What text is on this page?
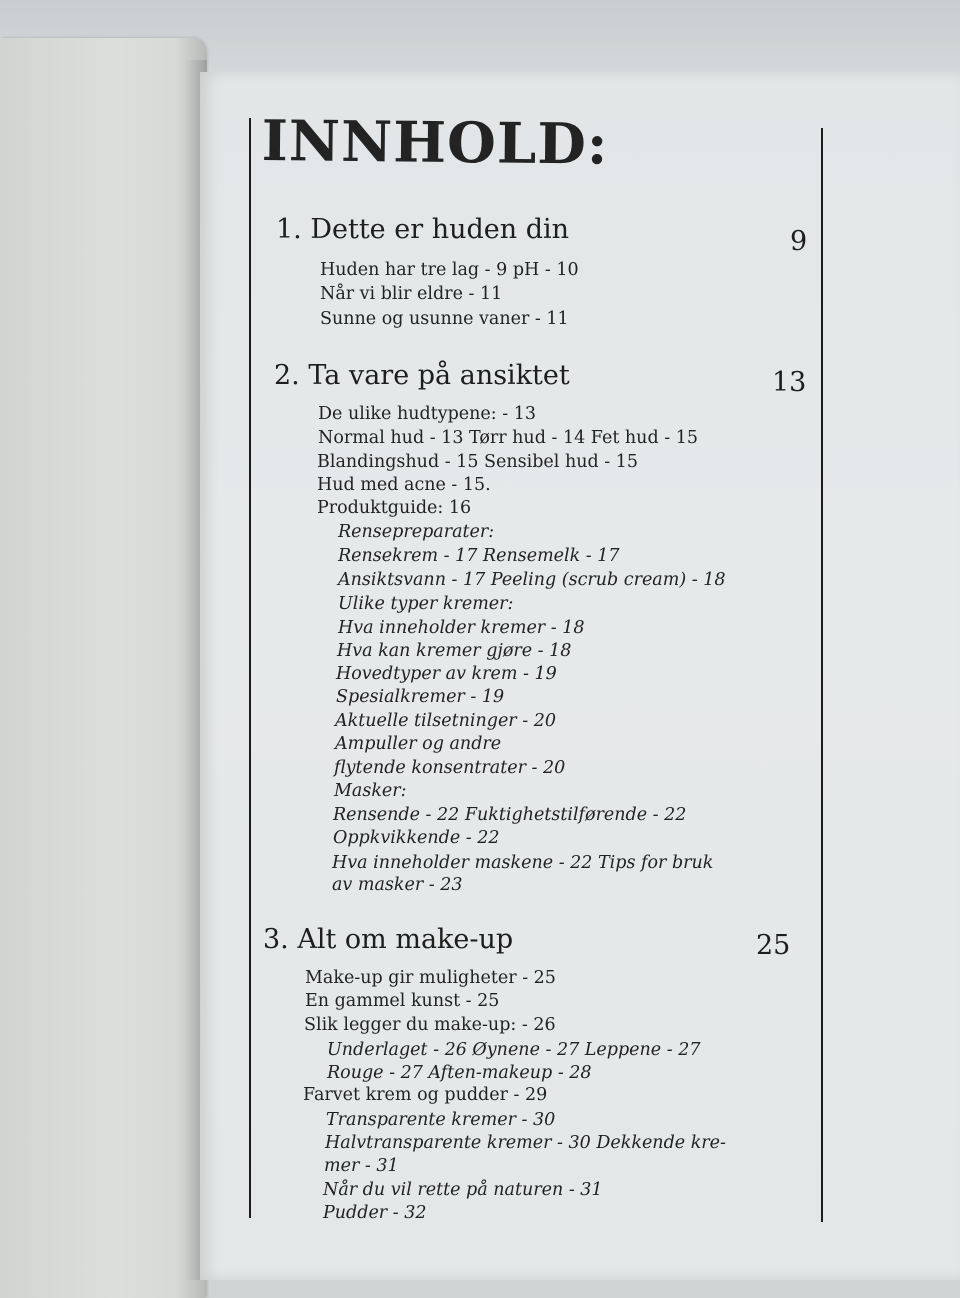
INNHOLD:
1. Dette er huden din	9

Huden har tre lag - 9 pH - 10

Når vi blir eldre - 11

Sunne og usunne vaner - 11

2. Ta vare på ansiktet	13

De ulike hudtypene: - 13

Normal hud - 13 Tørr hud - 14 Fet hud - 15

Blandingshud - 15 Sensibel hud - 15

Hud med acne - 15.

Produktguide: 16

Rensepreparater:

Rensekrem - 17 Rensemelk - 17

Ansiktsvann - 17 Peeling (scrub cream) - 18

Ulike typer kremer:

Hva inneholder kremer - 18

Hva kan kremer gjøre - 18

Hovedtyper av krem - 19

Spesialkremer - 19

Aktuelle tilsetninger - 20

Ampuller og andre

flytende konsentrater - 20

Masker:

Rensende - 22 Fuktighetstilførende - 22

Oppkvikkende - 22

Hva inneholder maskene - 22 Tips for bruk

av masker - 23

3. Alt om make-up	25

Make-up gir muligheter - 25

En gammel kunst - 25

Slik legger du make-up: - 26

Underlaget - 26 Øynene - 27 Leppene - 27

Rouge - 27 Aften-makeup - 28

Farvet krem og pudder - 29

Transparente kremer - 30

Halvtransparente kremer - 30 Dekkende kre-

mer - 31

Når du vil rette på naturen - 31

Pudder - 32
